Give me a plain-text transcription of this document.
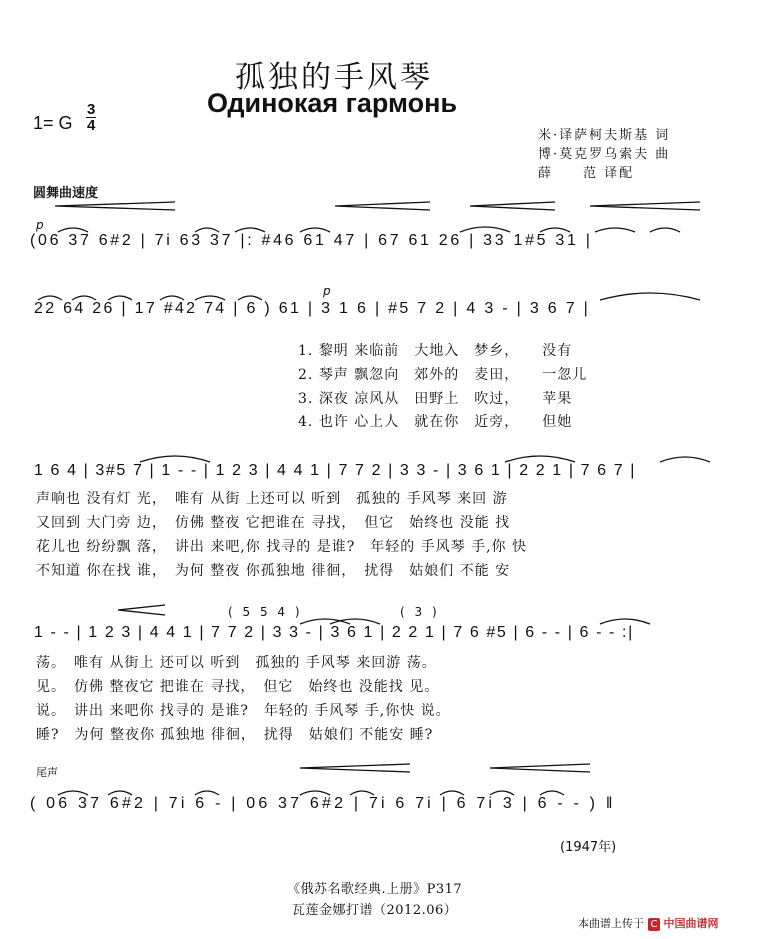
孤独的手风琴
Одинокая гармонь
1= G
3
4
米·译萨柯夫斯基 词
博·莫克罗乌索夫 曲
薛　　范 译配
圆舞曲速度
p
(06 37 6#2 | 7i 63 37 |: #46 61 47 | 67 61 26 | 33 1#5 31 |
p
22 64 26 | 17 #42 74 | 6 ) 61 | 3 1 6 | #5 7 2 | 4 3 - | 3 6 7 |
1. 黎明 来临前　大地入　梦乡，　　没有
2. 琴声 飘忽向　郊外的　麦田，　　一忽儿
3. 深夜 凉风从　田野上　吹过，　　苹果
4. 也许 心上人　就在你　近旁，　　但她
1 6 4 | 3#5 7 | 1 - - | 1 2 3 | 4 4 1 | 7 7 2 | 3 3 - | 3 6 1 | 2 2 1 | 7 6 7 |
声响也 没有灯 光，　唯有 从街 上还可以 听到　孤独的 手风琴 来回 游
又回到 大门旁 边，　仿佛 整夜 它把谁在 寻找，　但它　始终也 没能 找
花儿也 纷纷飘 落，　讲出 来吧,你 找寻的 是谁?　年轻的 手风琴 手,你 快
不知道 你在找 谁，　为何 整夜 你孤独地 徘徊，　扰得　姑娘们 不能 安
( 5 5 4 )	( 3 )
1 - - | 1 2 3 | 4 4 1 | 7 7 2 | 3 3 - | 3 6 1 | 2 2 1 | 7 6 #5 | 6 - - | 6 - - :|
荡。　唯有 从街上 还可以 听到　孤独的 手风琴 来回游 荡。
见。　仿佛 整夜它 把谁在 寻找，　但它　始终也 没能找 见。
说。　讲出 来吧你 找寻的 是谁?　年轻的 手风琴 手,你快 说。
睡?　为何 整夜你 孤独地 徘徊，　扰得　姑娘们 不能安 睡?
尾声
( 06 37 6#2 | 7i 6 - | 06 37 6#2 | 7i 6 7i | 6 7i 3 | 6 - - ) ‖
(1947年)
《俄苏名歌经典.上册》P317
瓦莲金娜打谱（2012.06）
本曲谱上传于 C 中国曲谱网
